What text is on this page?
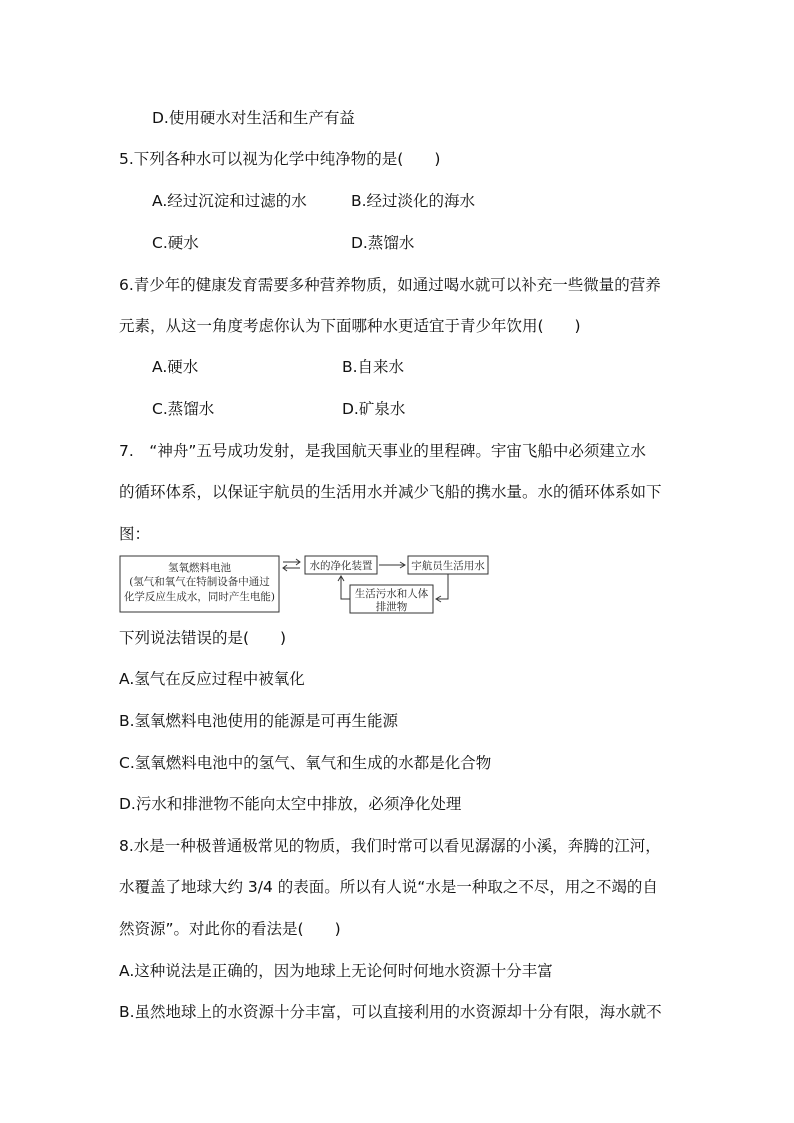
D.使用硬水对生活和生产有益
5.下列各种水可以视为化学中纯净物的是(　　)
A.经过沉淀和过滤的水	B.经过淡化的海水
C.硬水	D.蒸馏水
6.青少年的健康发育需要多种营养物质，如通过喝水就可以补充一些微量的营养
元素，从这一角度考虑你认为下面哪种水更适宜于青少年饮用(　　)
A.硬水	B.自来水
C.蒸馏水	D.矿泉水
7.　“神舟”五号成功发射，是我国航天事业的里程碑。宇宙飞船中必须建立水
的循环体系，以保证宇航员的生活用水并减少飞船的携水量。水的循环体系如下
图：
氢氧燃料电池
(氢气和氧气在特制设备中通过
化学反应生成水，同时产生电能)
水的净化装置	宇航员生活用水
生活污水和人体
排泄物
下列说法错误的是(　　)
A.氢气在反应过程中被氧化
B.氢氧燃料电池使用的能源是可再生能源
C.氢氧燃料电池中的氢气、氧气和生成的水都是化合物
D.污水和排泄物不能向太空中排放，必须净化处理
8.水是一种极普通极常见的物质，我们时常可以看见潺潺的小溪，奔腾的江河，
水覆盖了地球大约 3/4 的表面。所以有人说“水是一种取之不尽，用之不竭的自
然资源”。对此你的看法是(　　)
A.这种说法是正确的，因为地球上无论何时何地水资源十分丰富
B.虽然地球上的水资源十分丰富，可以直接利用的水资源却十分有限，海水就不
